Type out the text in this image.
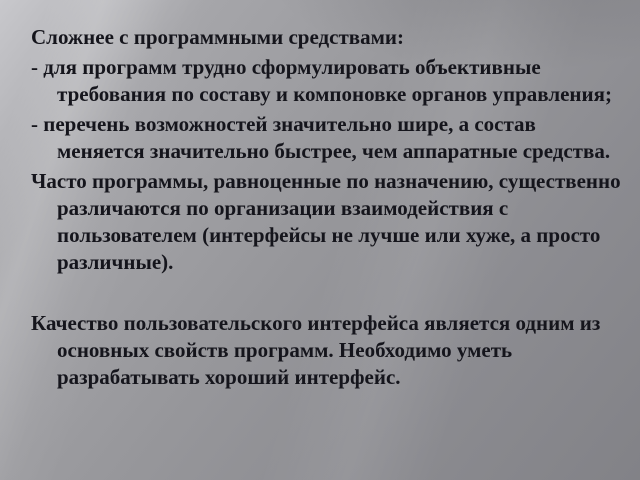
Сложнее с программными средствами:
- для программ трудно сформулировать объективные
требования по составу и компоновке органов управления;
- перечень возможностей значительно шире, а состав
меняется значительно быстрее, чем аппаратные средства.
Часто программы, равноценные по назначению, существенно
различаются по организации взаимодействия с
пользователем (интерфейсы не лучше или хуже, а просто
различные).
Качество пользовательского интерфейса является одним из
основных свойств программ. Необходимо уметь
разрабатывать хороший интерфейс.
